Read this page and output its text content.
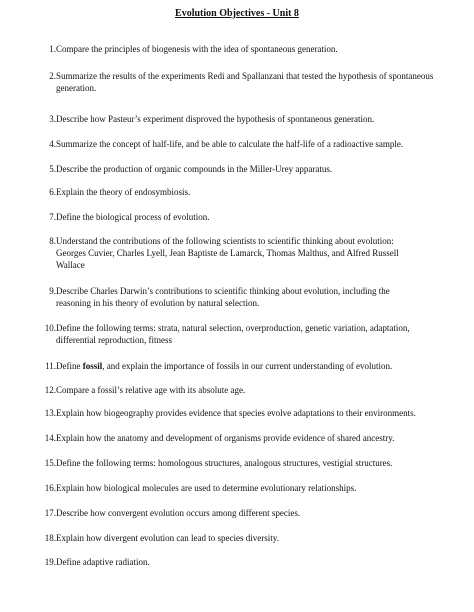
Evolution Objectives - Unit 8

1. Compare the principles of biogenesis with the idea of spontaneous generation.
2. Summarize the results of the experiments Redi and Spallanzani that tested the hypothesis of spontaneous
generation.
3. Describe how Pasteur’s experiment disproved the hypothesis of spontaneous generation.
4. Summarize the concept of half-life, and be able to calculate the half-life of a radioactive sample.
5. Describe the production of organic compounds in the Miller-Urey apparatus.
6. Explain the theory of endosymbiosis.
7. Define the biological process of evolution.
8. Understand the contributions of the following scientists to scientific thinking about evolution:
Georges Cuvier, Charles Lyell, Jean Baptiste de Lamarck, Thomas Malthus, and Alfred Russell
Wallace
9. Describe Charles Darwin’s contributions to scientific thinking about evolution, including the
reasoning in his theory of evolution by natural selection.
10. Define the following terms: strata, natural selection, overproduction, genetic variation, adaptation,
differential reproduction, fitness
11. Define fossil, and explain the importance of fossils in our current understanding of evolution.
12. Compare a fossil’s relative age with its absolute age.
13. Explain how biogeography provides evidence that species evolve adaptations to their environments.
14. Explain how the anatomy and development of organisms provide evidence of shared ancestry.
15. Define the following terms: homologous structures, analogous structures, vestigial structures.
16. Explain how biological molecules are used to determine evolutionary relationships.
17. Describe how convergent evolution occurs among different species.
18. Explain how divergent evolution can lead to species diversity.
19. Define adaptive radiation.
